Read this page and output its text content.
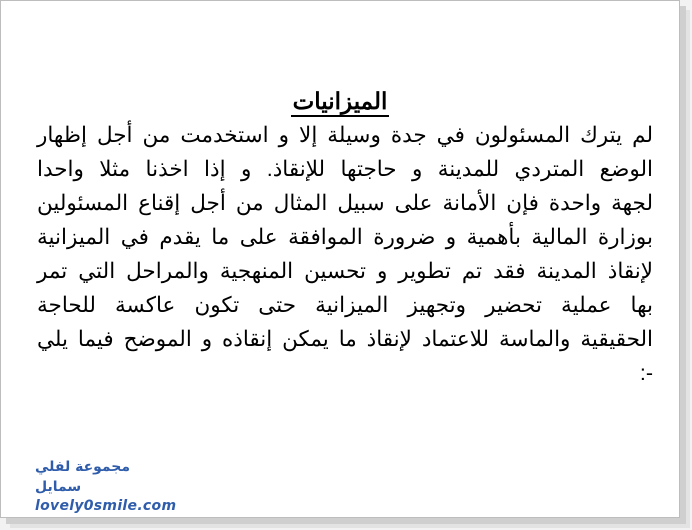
الميزانيات
لم يترك المسئولون في جدة وسيلة إلا و استخدمت من أجل إظهار
الوضع المتردي للمدينة و حاجتها للإنقاذ. و إذا اخذنا مثلا واحدا
لجهة واحدة فإن الأمانة على سبيل المثال من أجل إقناع المسئولين
بوزارة المالية بأهمية و ضرورة الموافقة على ما يقدم في الميزانية
لإنقاذ المدينة فقد تم تطوير و تحسين المنهجية والمراحل التي تمر
بها عملية تحضير وتجهيز الميزانية حتى تكون عاكسة للحاجة
الحقيقية والماسة للاعتماد لإنقاذ ما يمكن إنقاذه و الموضح فيما يلي
-:
مجموعة لفلي سمايل
lovely0smile.com
